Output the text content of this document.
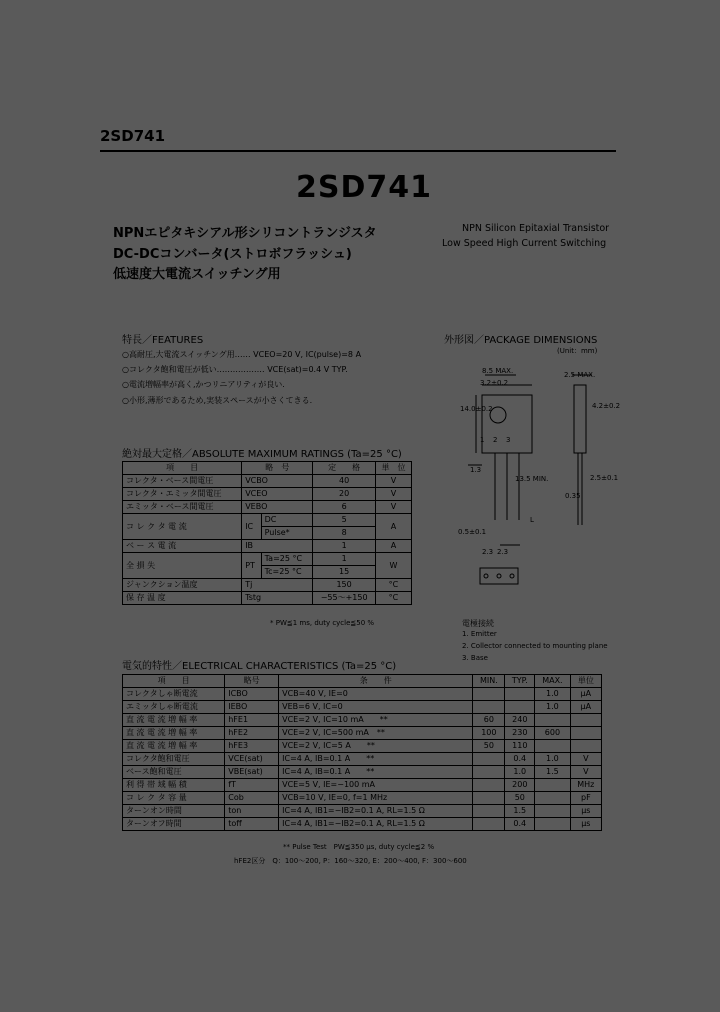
2SD741
2SD741
NPNエピタキシアル形シリコントランジスタ
DC-DCコンバータ(ストロボフラッシュ)
低速度大電流スイッチング用
NPN Silicon Epitaxial Transistor
Low Speed High Current Switching
特長／FEATURES
○高耐圧,大電流スイッチング用…… VCEO=20 V, IC(pulse)=8 A
○コレクタ飽和電圧が低い……………… VCE(sat)=0.4 V TYP.
○電流増幅率が高く,かつリニアリティが良い.
○小形,薄形であるため,実装スペースが小さくてきる.
外形図／PACKAGE DIMENSIONS
(Unit：mm)
8.5 MAX.
3.2±0.2
2.5 MAX.
4.2±0.2
14.0±0.2
1.3
13.5 MIN.	2.5±0.1
0.5±0.1
0.35
1 2 3
2.3 2.3
L
電極接続
1. Emitter
2. Collector connected to mounting plane
3. Base
絶対最大定格／ABSOLUTE MAXIMUM RATINGS (Ta=25 °C)
項　　目	略　号		定　　格	単　位
コレクタ・ベース間電圧	VCBO		40	V
コレクタ・エミッタ間電圧	VCEO		20	V
エミッタ・ベース間電圧	VEBO		6	V
コ レ ク タ 電 流	IC	DC	5	A
		Pulse*	8	
ベ ー ス 電 流	IB		1	A
全 損 失	PT	Ta=25 °C	1	W
		Tc=25 °C	15	
ジャンクション温度	Tj		150	°C
保 存 温 度	Tstg		−55～+150	°C
* PW≦1 ms, duty cycle≦50 %
電気的特性／ELECTRICAL CHARACTERISTICS (Ta=25 °C)
項　　目	略号	条　　件	MIN.	TYP.	MAX.	単位
コレクタしゃ断電流	ICBO	VCB=40 V, IE=0			1.0	μA
エミッタしゃ断電流	IEBO	VEB=6 V, IC=0			1.0	μA
直 流 電 流 増 幅 率	hFE1	VCE=2 V, IC=10 mA　　**	60	240		
直 流 電 流 増 幅 率	hFE2	VCE=2 V, IC=500 mA　**	100	230	600	
直 流 電 流 増 幅 率	hFE3	VCE=2 V, IC=5 A　　**	50	110		
コレクタ飽和電圧	VCE(sat)	IC=4 A, IB=0.1 A　　**		0.4	1.0	V
ベース飽和電圧	VBE(sat)	IC=4 A, IB=0.1 A　　**		1.0	1.5	V
利 得 帯 域 幅 積	fT	VCE=5 V, IE=−100 mA		200		MHz
コ レ ク タ 容 量	Cob	VCB=10 V, IE=0, f=1 MHz		50		pF
ターンオン時間	ton	IC=4 A, IB1=−IB2=0.1 A, RL=1.5 Ω		1.5		μs
ターンオフ時間	toff	IC=4 A, IB1=−IB2=0.1 A, RL=1.5 Ω		0.4		μs
** Pulse Test　PW≦350 μs, duty cycle≦2 %
hFE2区分　Q：100～200, P：160～320, E：200～400, F：300～600
